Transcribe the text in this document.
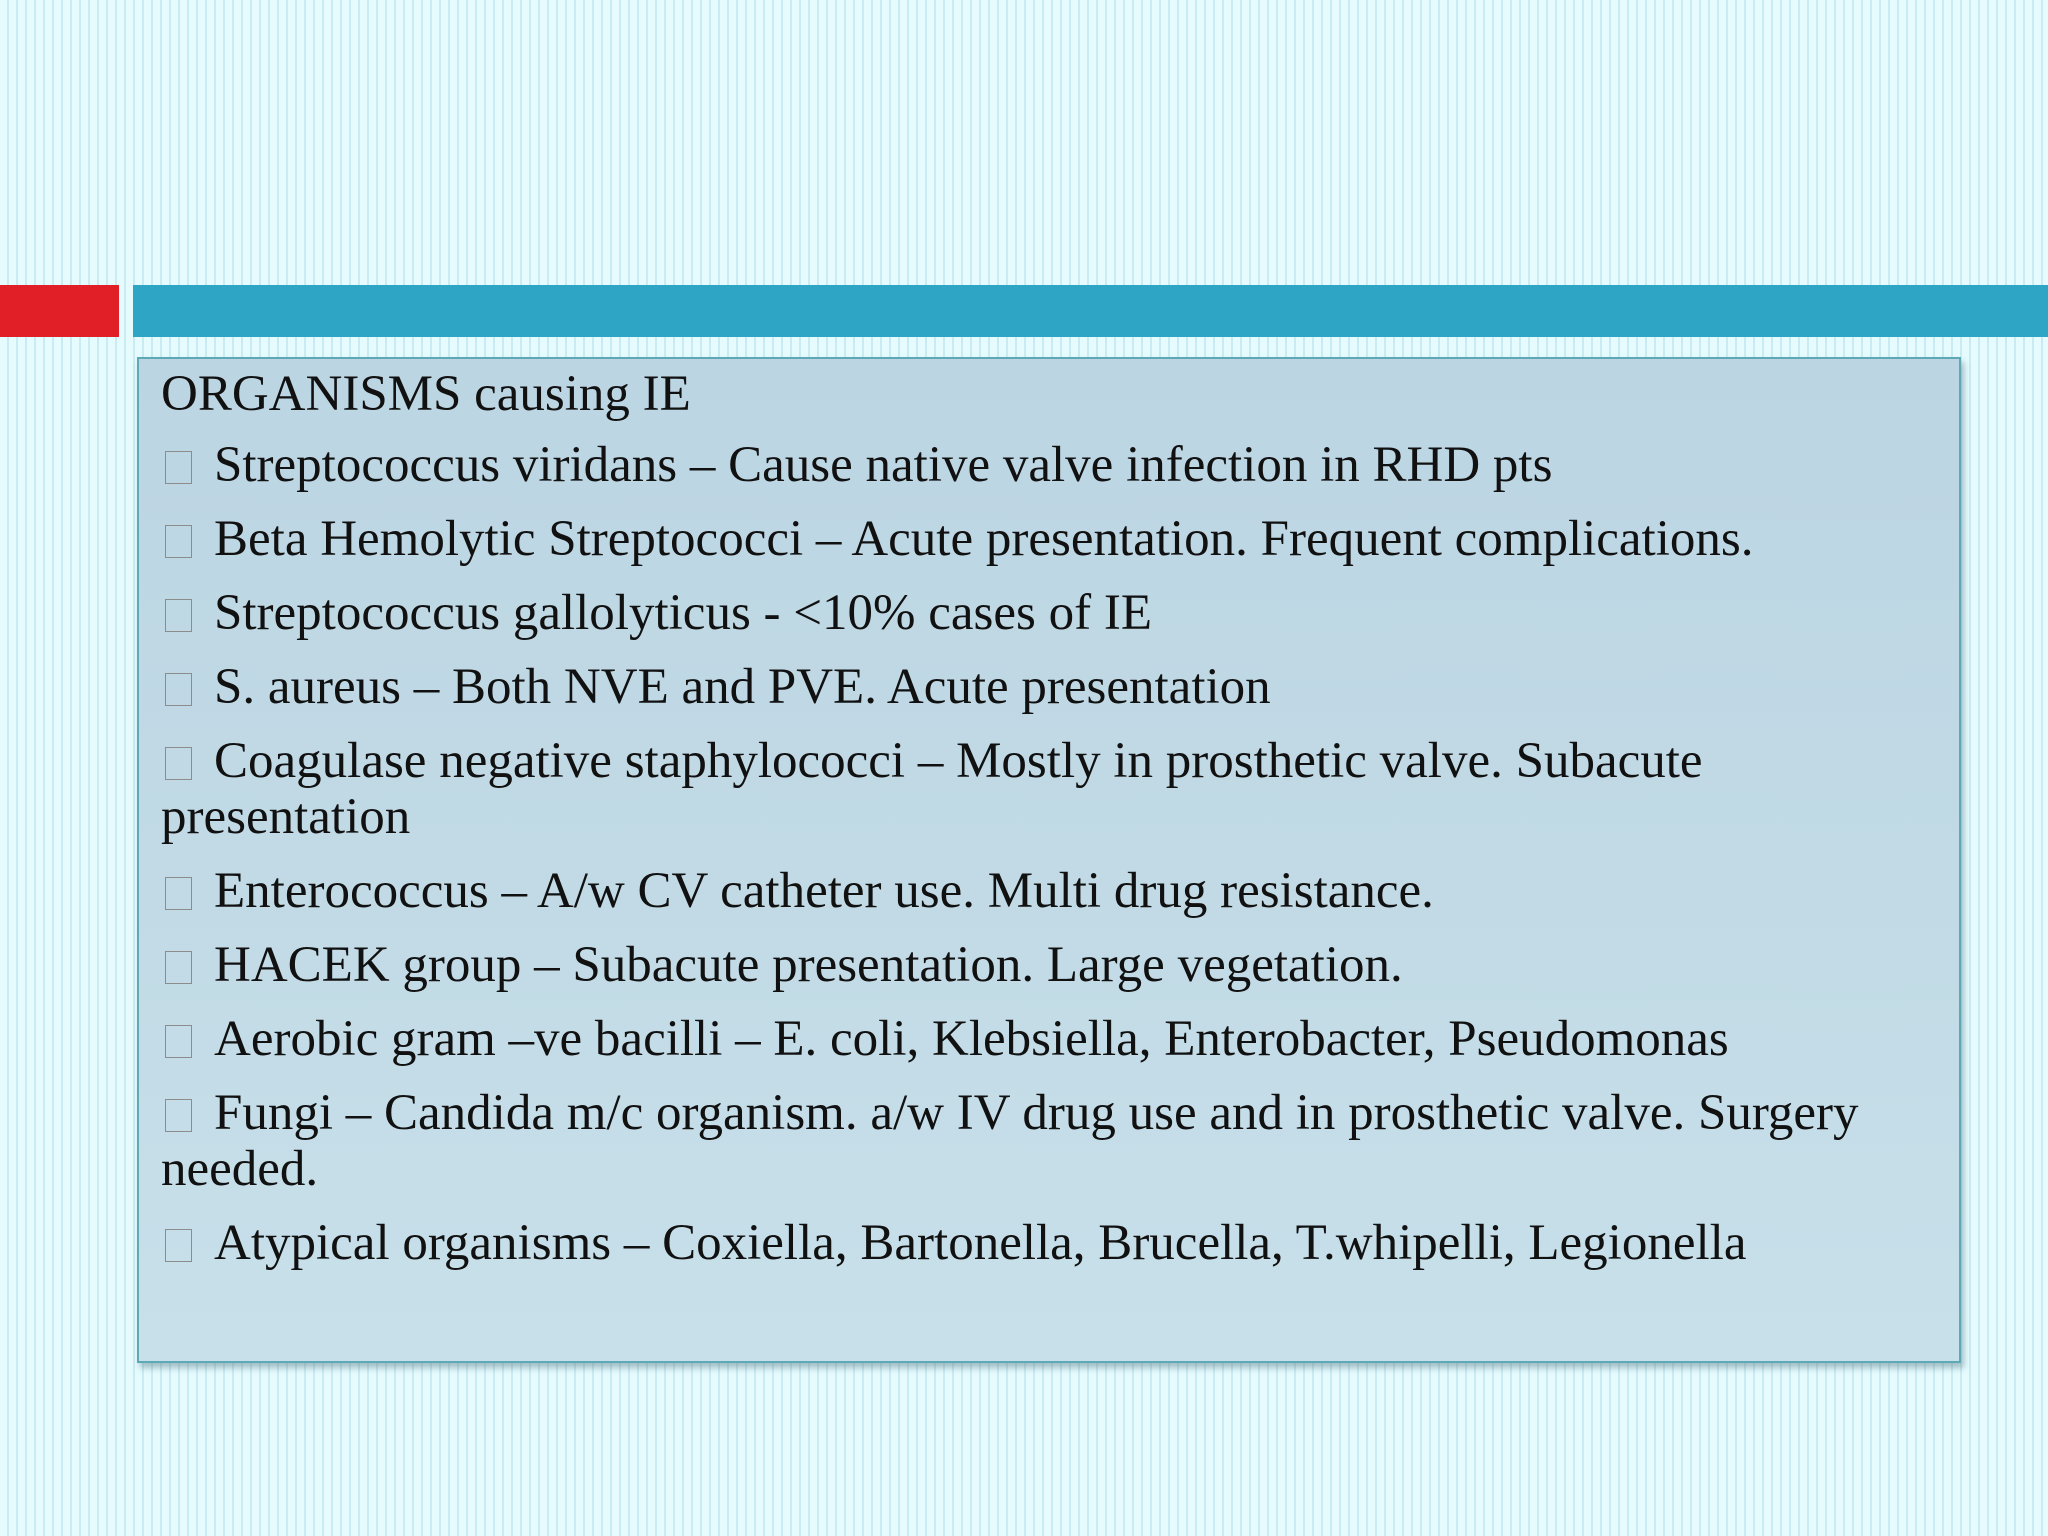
ORGANISMS causing IE
Streptococcus viridans – Cause native valve infection in RHD pts
Beta Hemolytic Streptococci – Acute presentation. Frequent complications.
Streptococcus gallolyticus - <10% cases of IE
S. aureus – Both NVE and PVE. Acute presentation
Coagulase negative staphylococci – Mostly in prosthetic valve. Subacute presentation
Enterococcus – A/w CV catheter use. Multi drug resistance.
HACEK group – Subacute presentation. Large vegetation.
Aerobic gram –ve bacilli – E. coli, Klebsiella, Enterobacter, Pseudomonas
Fungi – Candida m/c organism. a/w IV drug use and in prosthetic valve. Surgery needed.
Atypical organisms – Coxiella, Bartonella, Brucella, T.whipelli, Legionella
